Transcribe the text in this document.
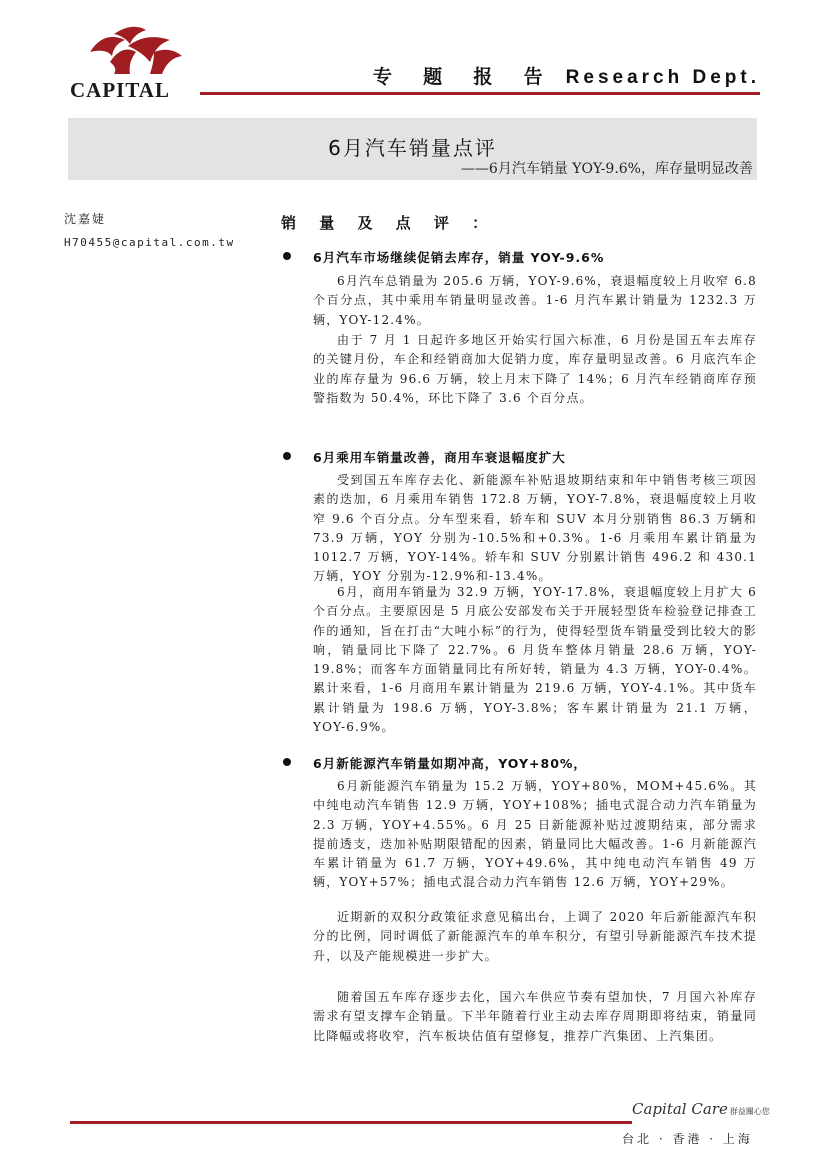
CAPITAL
专 题 报 告 Research Dept.
6月汽车销量点评
——6月汽车销量 YOY-9.6%，库存量明显改善
沈嘉婕
H70455@capital.com.tw
销 量 及 点 评 ：
6月汽车市场继续促销去库存，销量 YOY-9.6%

6月汽车总销量为 205.6 万辆，YOY-9.6%，衰退幅度较上月收窄 6.8 个百分点，其中乘用车销量明显改善。1-6 月汽车累计销量为 1232.3 万辆，YOY-12.4%。

由于 7 月 1 日起许多地区开始实行国六标准，6 月份是国五车去库存的关键月份，车企和经销商加大促销力度，库存量明显改善。6 月底汽车企业的库存量为 96.6 万辆，较上月末下降了 14%；6 月汽车经销商库存预警指数为 50.4%，环比下降了 3.6 个百分点。

6月乘用车销量改善，商用车衰退幅度扩大

受到国五车库存去化、新能源车补贴退坡期结束和年中销售考核三项因素的迭加，6 月乘用车销售 172.8 万辆，YOY-7.8%，衰退幅度较上月收窄 9.6 个百分点。分车型来看，轿车和 SUV 本月分别销售 86.3 万辆和 73.9 万辆，YOY 分别为-10.5%和+0.3%。1-6 月乘用车累计销量为 1012.7 万辆，YOY-14%。轿车和 SUV 分别累计销售 496.2 和 430.1 万辆，YOY 分别为-12.9%和-13.4%。

6月，商用车销量为 32.9 万辆，YOY-17.8%，衰退幅度较上月扩大 6 个百分点。主要原因是 5 月底公安部发布关于开展轻型货车检验登记排查工作的通知，旨在打击“大吨小标”的行为，使得轻型货车销量受到比较大的影响，销量同比下降了 22.7%。6 月货车整体月销量 28.6 万辆，YOY-19.8%；而客车方面销量同比有所好转，销量为 4.3 万辆，YOY-0.4%。累计来看，1-6 月商用车累计销量为 219.6 万辆，YOY-4.1%。其中货车累计销量为 198.6 万辆，YOY-3.8%；客车累计销量为 21.1 万辆，YOY-6.9%。

6月新能源汽车销量如期冲高，YOY+80%，

6月新能源汽车销量为 15.2 万辆，YOY+80%，MOM+45.6%。其中纯电动汽车销售 12.9 万辆，YOY+108%；插电式混合动力汽车销量为 2.3 万辆，YOY+4.55%。6 月 25 日新能源补贴过渡期结束，部分需求提前透支，迭加补贴期限错配的因素，销量同比大幅改善。1-6 月新能源汽车累计销量为 61.7 万辆，YOY+49.6%，其中纯电动汽车销售 49 万辆，YOY+57%；插电式混合动力汽车销售 12.6 万辆，YOY+29%。

近期新的双积分政策征求意见稿出台，上调了 2020 年后新能源汽车积分的比例，同时调低了新能源汽车的单车积分，有望引导新能源汽车技术提升，以及产能规模进一步扩大。

随着国五车库存逐步去化，国六车供应节奏有望加快，7 月国六补库存需求有望支撑车企销量。下半年随着行业主动去库存周期即将结束，销量同比降幅或将收窄，汽车板块估值有望修复，推荐广汽集团、上汽集团。

Capital Care 群益關心您
台北 · 香港 · 上海
